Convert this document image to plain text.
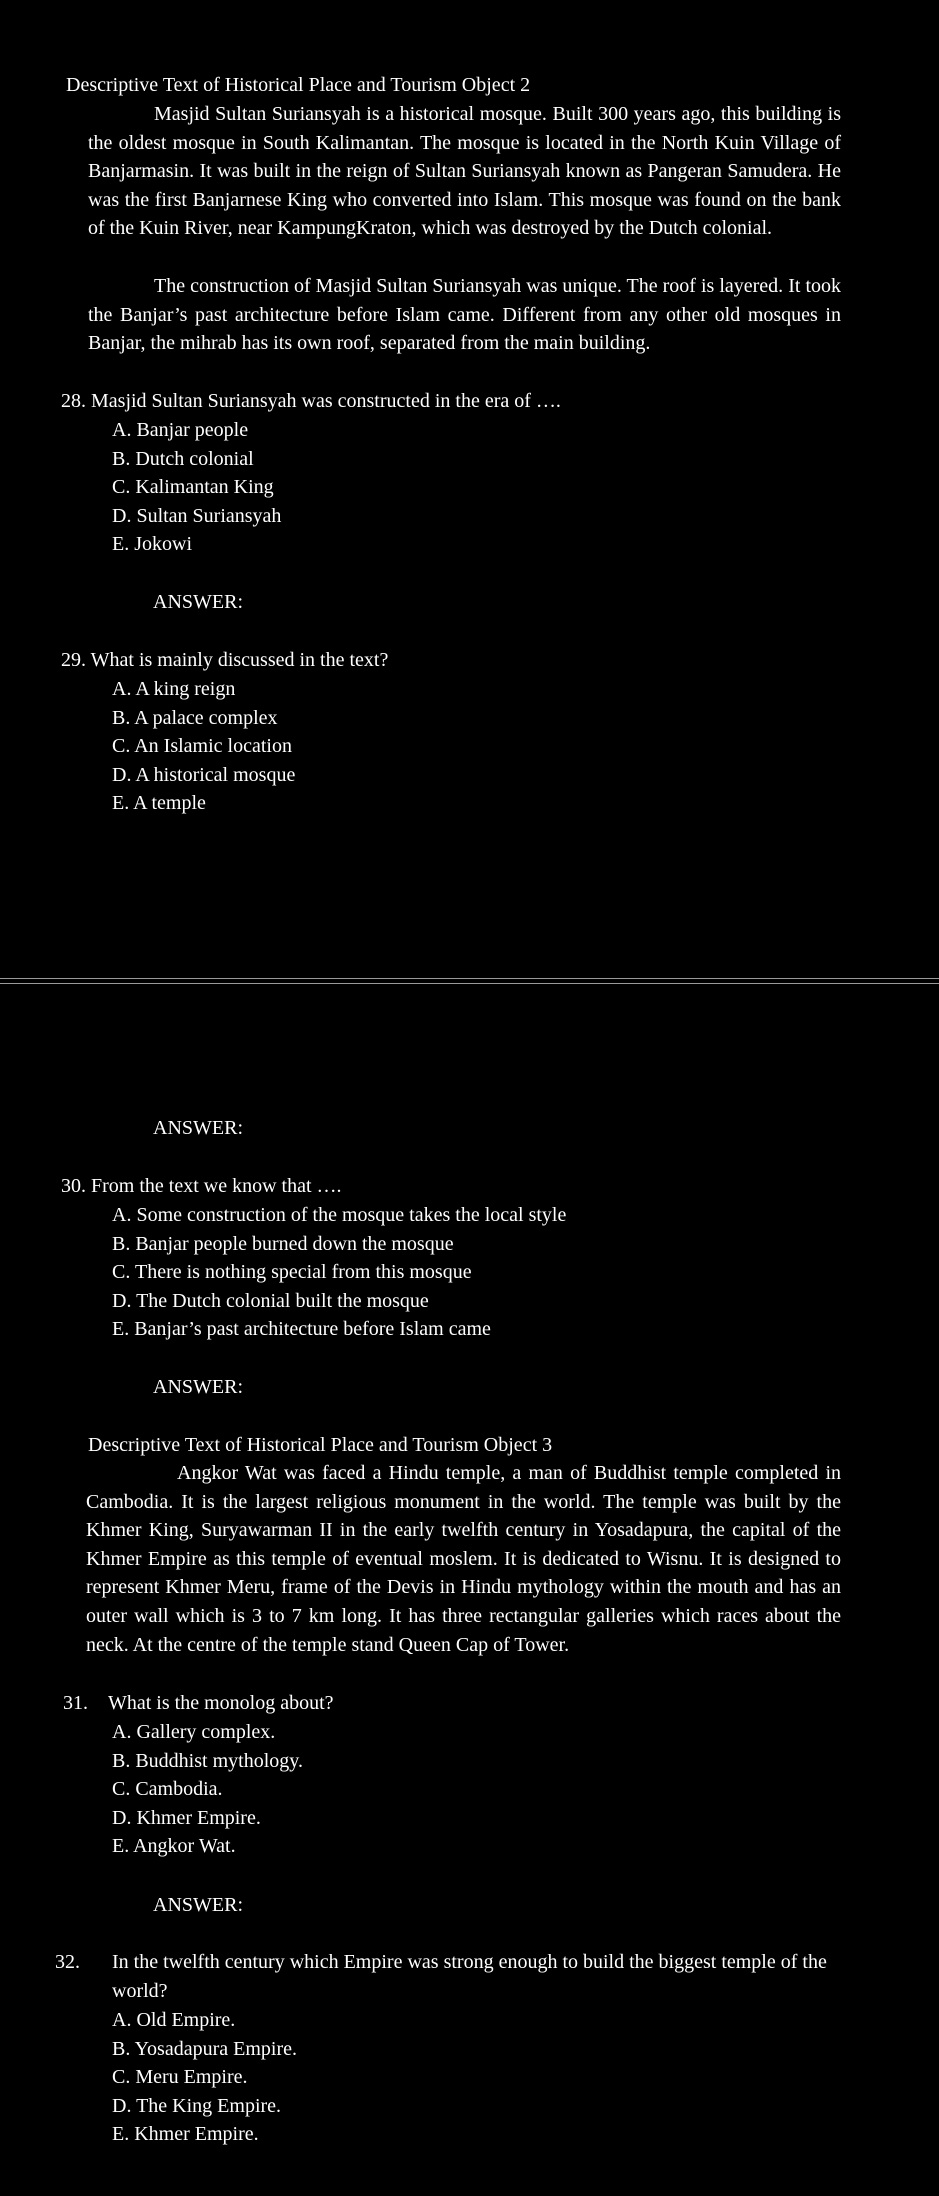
Descriptive Text of Historical Place and Tourism Object 2

Masjid Sultan Suriansyah is a historical mosque. Built 300 years ago, this building is the oldest mosque in South Kalimantan. The mosque is located in the North Kuin Village of Banjarmasin. It was built in the reign of Sultan Suriansyah known as Pangeran Samudera. He was the first Banjarnese King who converted into Islam. This mosque was found on the bank of the Kuin River, near KampungKraton, which was destroyed by the Dutch colonial.

The construction of Masjid Sultan Suriansyah was unique. The roof is layered. It took the Banjar’s past architecture before Islam came. Different from any other old mosques in Banjar, the mihrab has its own roof, separated from the main building.

28. Masjid Sultan Suriansyah was constructed in the era of ….

A. Banjar people
B. Dutch colonial
C. Kalimantan King
D. Sultan Suriansyah
E. Jokowi

ANSWER:

29. What is mainly discussed in the text?

A. A king reign
B. A palace complex
C. An Islamic location
D. A historical mosque
E. A temple

ANSWER:

30. From the text we know that ….

A. Some construction of the mosque takes the local style
B. Banjar people burned down the mosque
C. There is nothing special from this mosque
D. The Dutch colonial built the mosque
E. Banjar’s past architecture before Islam came

ANSWER:

Descriptive Text of Historical Place and Tourism Object 3

Angkor Wat was faced a Hindu temple, a man of Buddhist temple completed in Cambodia. It is the largest religious monument in the world. The temple was built by the Khmer King, Suryawarman II in the early twelfth century in Yosadapura, the capital of the Khmer Empire as this temple of eventual moslem. It is dedicated to Wisnu. It is designed to represent Khmer Meru, frame of the Devis in Hindu mythology within the mouth and has an outer wall which is 3 to 7 km long. It has three rectangular galleries which races about the neck. At the centre of the temple stand Queen Cap of Tower.

31. What is the monolog about?

A. Gallery complex.
B. Buddhist mythology.
C. Cambodia.
D. Khmer Empire.
E. Angkor Wat.

ANSWER:

32.	In the twelfth century which Empire was strong enough to build the biggest temple of the world?

A. Old Empire.
B. Yosadapura Empire.
C. Meru Empire.
D. The King Empire.
E. Khmer Empire.
